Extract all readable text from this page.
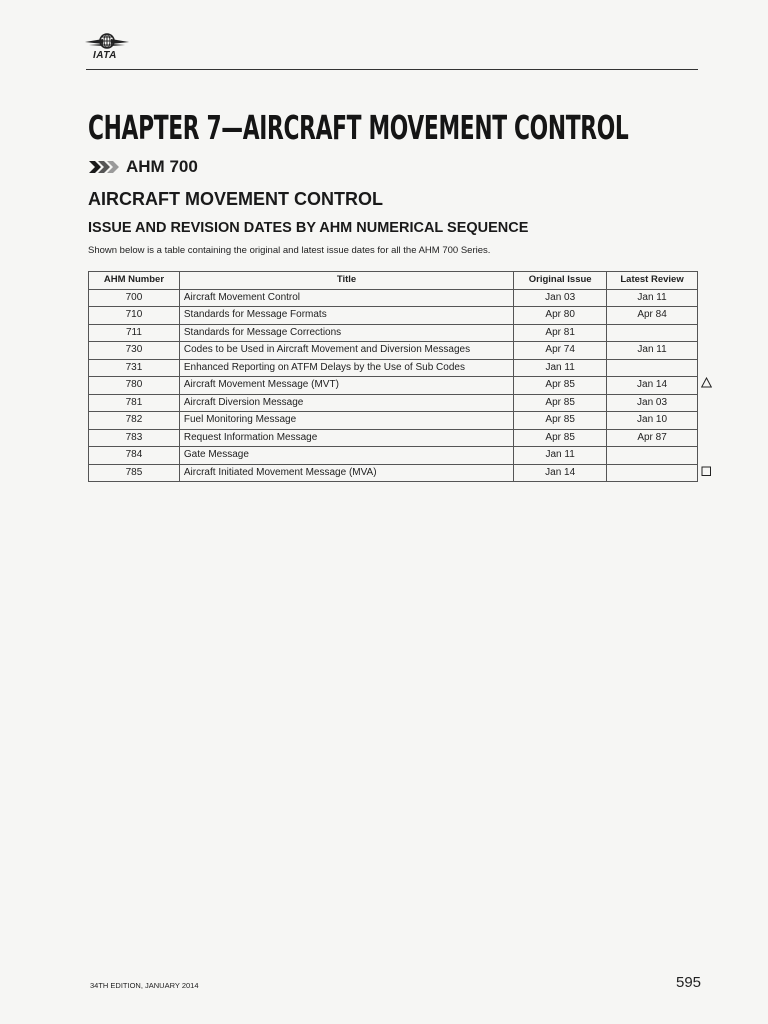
IATA
CHAPTER 7—AIRCRAFT MOVEMENT CONTROL
AHM 700
AIRCRAFT MOVEMENT CONTROL
ISSUE AND REVISION DATES BY AHM NUMERICAL SEQUENCE
Shown below is a table containing the original and latest issue dates for all the AHM 700 Series.
AHM Number	Title	Original Issue	Latest Review
700	Aircraft Movement Control	Jan 03	Jan 11
710	Standards for Message Formats	Apr 80	Apr 84
711	Standards for Message Corrections	Apr 81	
730	Codes to be Used in Aircraft Movement and Diversion Messages	Apr 74	Jan 11
731	Enhanced Reporting on ATFM Delays by the Use of Sub Codes	Jan 11	
780	Aircraft Movement Message (MVT)	Apr 85	Jan 14
781	Aircraft Diversion Message	Apr 85	Jan 03
782	Fuel Monitoring Message	Apr 85	Jan 10
783	Request Information Message	Apr 85	Apr 87
784	Gate Message	Jan 11	
785	Aircraft Initiated Movement Message (MVA)	Jan 14	
34TH EDITION, JANUARY 2014	595
